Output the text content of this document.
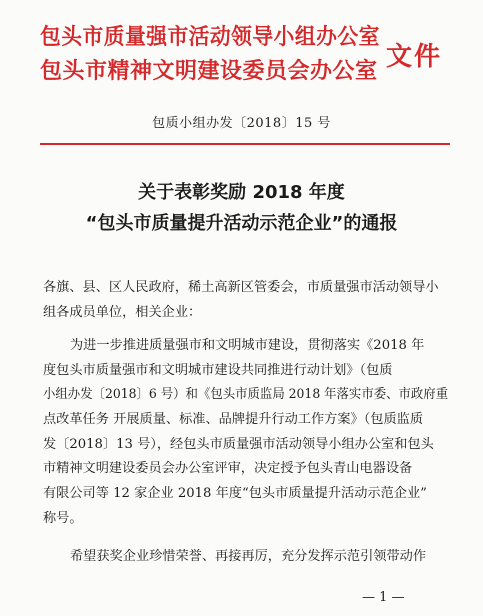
包头市质量强市活动领导小组办公室
包头市精神文明建设委员会办公室 文件
包质小组办发〔2018〕15 号
关于表彰奖励 2018 年度
“包头市质量提升活动示范企业”的通报
各旗、县、区人民政府，稀土高新区管委会，市质量强市活动领导小
组各成员单位，相关企业：
为进一步推进质量强市和文明城市建设，贯彻落实《2018 年
度包头市质量强市和文明城市建设共同推进行动计划》（包质
小组办发〔2018〕6 号）和《包头市质监局 2018 年落实市委、市政府重
点改革任务 开展质量、标准、品牌提升行动工作方案》（包质监质
发〔2018〕13 号），经包头市质量强市活动领导小组办公室和包头
市精神文明建设委员会办公室评审，决定授予包头青山电器设备
有限公司等 12 家企业 2018 年度“包头市质量提升活动示范企业”
称号。
希望获奖企业珍惜荣誉、再接再厉，充分发挥示范引领带动作
— 1 —
